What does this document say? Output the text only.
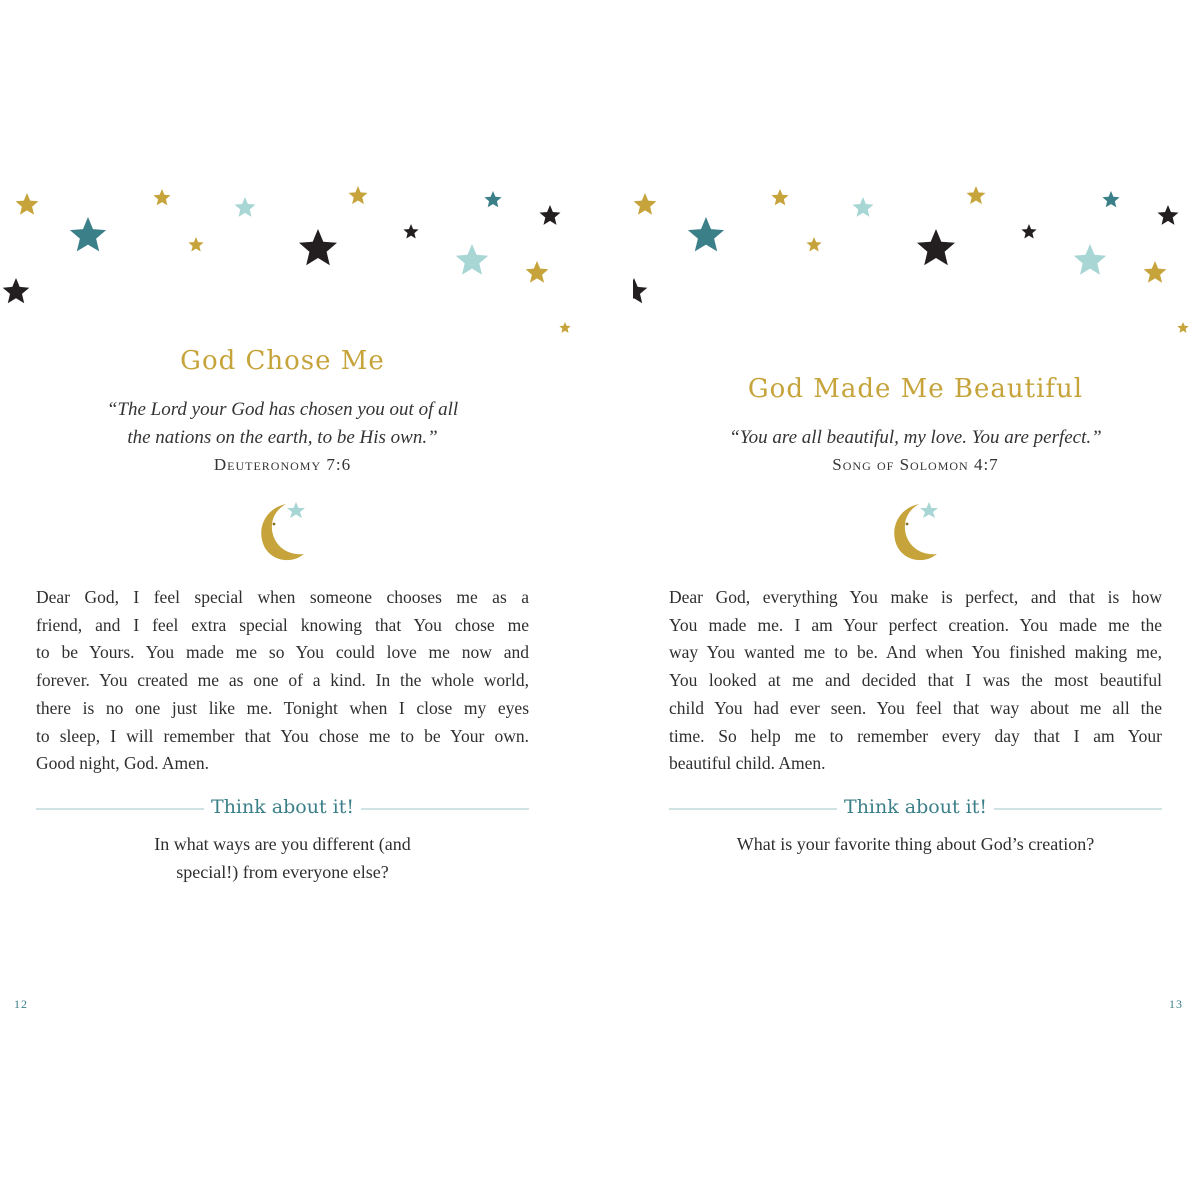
God Chose Me
“The Lord your God has chosen you out of all
the nations on the earth, to be His own.”
Deuteronomy 7:6
Dear God, I feel special when someone chooses me as a
friend, and I feel extra special knowing that You chose me
to be Yours. You made me so You could love me now and
forever. You created me as one of a kind. In the whole world,
there is no one just like me. Tonight when I close my eyes
to sleep, I will remember that You chose me to be Your own.
Good night, God. Amen.
Think about it!
In what ways are you different (and
special!) from everyone else?
12
God Made Me Beautiful
“You are all beautiful, my love. You are perfect.”
Song of Solomon 4:7
Dear God, everything You make is perfect, and that is how
You made me. I am Your perfect creation. You made me the
way You wanted me to be. And when You finished making me,
You looked at me and decided that I was the most beautiful
child You had ever seen. You feel that way about me all the
time. So help me to remember every day that I am Your
beautiful child. Amen.
Think about it!
What is your favorite thing about God’s creation?
13
